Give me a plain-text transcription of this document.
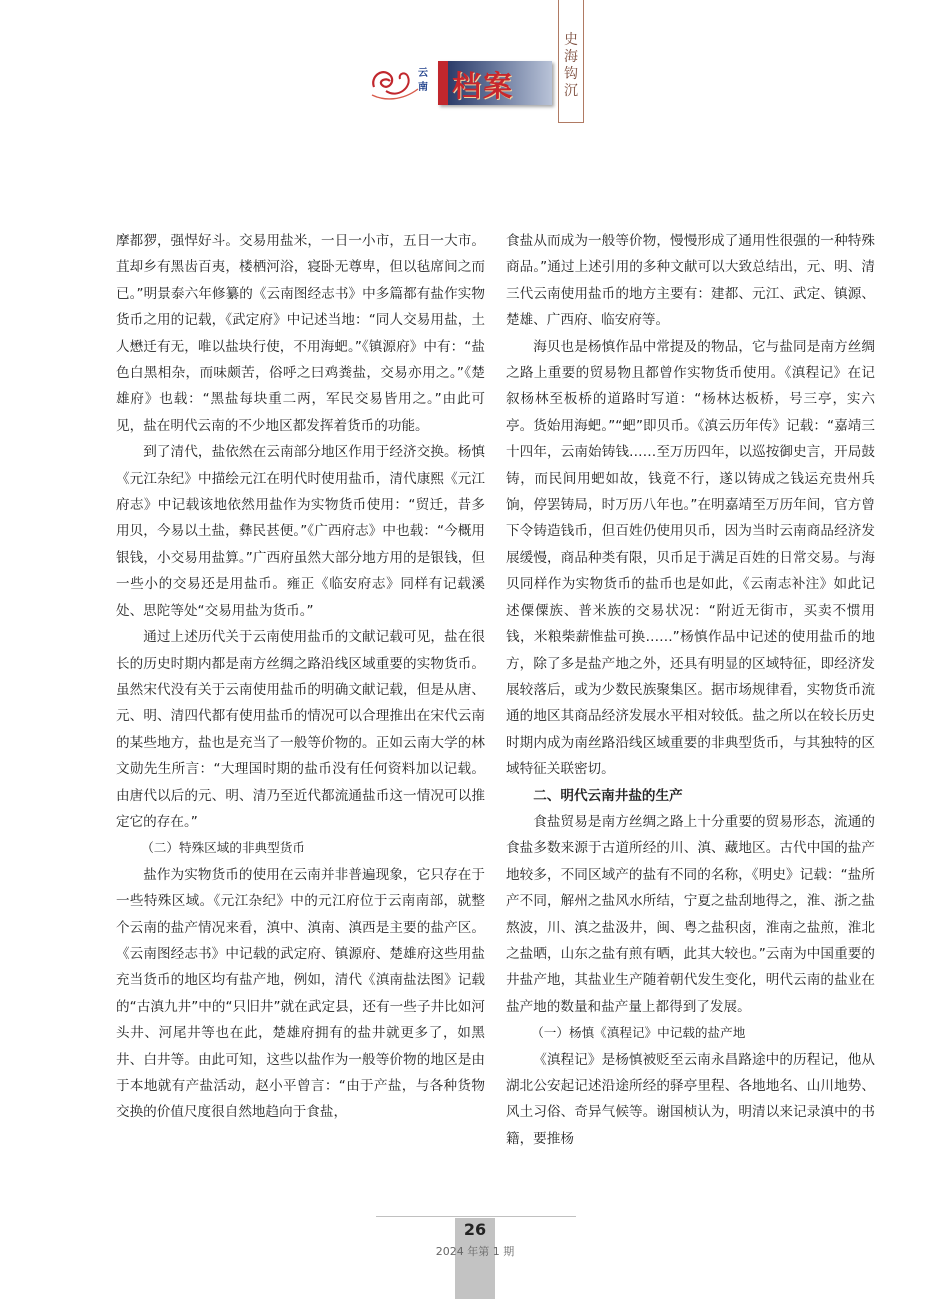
云
南 档案
史
海
钩
沉

摩都猡，强悍好斗。交易用盐米，一日一小市，五日一大市。苴却乡有黑齿百夷，楼栖河浴，寝卧无尊卑，但以毡席间之而已。”明景泰六年修纂的《云南图经志书》中多篇都有盐作实物货币之用的记载，《武定府》中记述当地：“同人交易用盐，土人懋迁有无，唯以盐块行使，不用海蚆。”《镇源府》中有：“盐色白黑相杂，而味颇苦，俗呼之曰鸡粪盐，交易亦用之。”《楚雄府》也载：“黑盐每块重二两，军民交易皆用之。”由此可见，盐在明代云南的不少地区都发挥着货币的功能。

到了清代，盐依然在云南部分地区作用于经济交换。杨慎《元江杂纪》中描绘元江在明代时使用盐币，清代康熙《元江府志》中记载该地依然用盐作为实物货币使用：“贸迁，昔多用贝，今易以土盐，彝民甚便。”《广西府志》中也载：“今概用银钱，小交易用盐算。”广西府虽然大部分地方用的是银钱，但一些小的交易还是用盐币。雍正《临安府志》同样有记载溪处、思陀等处“交易用盐为货币。”

通过上述历代关于云南使用盐币的文献记载可见，盐在很长的历史时期内都是南方丝绸之路沿线区域重要的实物货币。虽然宋代没有关于云南使用盐币的明确文献记载，但是从唐、元、明、清四代都有使用盐币的情况可以合理推出在宋代云南的某些地方，盐也是充当了一般等价物的。正如云南大学的林文勋先生所言：“大理国时期的盐币没有任何资料加以记载。由唐代以后的元、明、清乃至近代都流通盐币这一情况可以推定它的存在。”

（二）特殊区域的非典型货币

盐作为实物货币的使用在云南并非普遍现象，它只存在于一些特殊区域。《元江杂纪》中的元江府位于云南南部，就整个云南的盐产情况来看，滇中、滇南、滇西是主要的盐产区。《云南图经志书》中记载的武定府、镇源府、楚雄府这些用盐充当货币的地区均有盐产地，例如，清代《滇南盐法图》记载的“古滇九井”中的“只旧井”就在武定县，还有一些子井比如河头井、河尾井等也在此，楚雄府拥有的盐井就更多了，如黑井、白井等。由此可知，这些以盐作为一般等价物的地区是由于本地就有产盐活动，赵小平曾言：“由于产盐，与各种货物交换的价值尺度很自然地趋向于食盐，

食盐从而成为一般等价物，慢慢形成了通用性很强的一种特殊商品。”通过上述引用的多种文献可以大致总结出，元、明、清三代云南使用盐币的地方主要有：建都、元江、武定、镇源、楚雄、广西府、临安府等。

海贝也是杨慎作品中常提及的物品，它与盐同是南方丝绸之路上重要的贸易物且都曾作实物货币使用。《滇程记》在记叙杨林至板桥的道路时写道：“杨林达板桥，号三亭，实六亭。货始用海蚆。”“蚆”即贝币。《滇云历年传》记载：“嘉靖三十四年，云南始铸钱……至万历四年，以巡按御史言，开局鼓铸，而民间用蚆如故，钱竟不行，遂以铸成之钱运充贵州兵饷，停罢铸局，时万历八年也。”在明嘉靖至万历年间，官方曾下令铸造钱币，但百姓仍使用贝币，因为当时云南商品经济发展缓慢，商品种类有限，贝币足于满足百姓的日常交易。与海贝同样作为实物货币的盐币也是如此，《云南志补注》如此记述僳僳族、普米族的交易状况：“附近无街市，买卖不惯用钱，米粮柴薪惟盐可换……”杨慎作品中记述的使用盐币的地方，除了多是盐产地之外，还具有明显的区域特征，即经济发展较落后，或为少数民族聚集区。据市场规律看，实物货币流通的地区其商品经济发展水平相对较低。盐之所以在较长历史时期内成为南丝路沿线区域重要的非典型货币，与其独特的区域特征关联密切。

二、明代云南井盐的生产

食盐贸易是南方丝绸之路上十分重要的贸易形态，流通的食盐多数来源于古道所经的川、滇、藏地区。古代中国的盐产地较多，不同区域产的盐有不同的名称，《明史》记载：“盐所产不同，解州之盐风水所结，宁夏之盐刮地得之，淮、浙之盐熬波，川、滇之盐汲井，闽、粤之盐积卤，淮南之盐煎，淮北之盐晒，山东之盐有煎有晒，此其大较也。”云南为中国重要的井盐产地，其盐业生产随着朝代发生变化，明代云南的盐业在盐产地的数量和盐产量上都得到了发展。

（一）杨慎《滇程记》中记载的盐产地

《滇程记》是杨慎被贬至云南永昌路途中的历程记，他从湖北公安起记述沿途所经的驿亭里程、各地地名、山川地势、风土习俗、奇异气候等。谢国桢认为，明清以来记录滇中的书籍，要推杨

26
2024 年第 1 期
